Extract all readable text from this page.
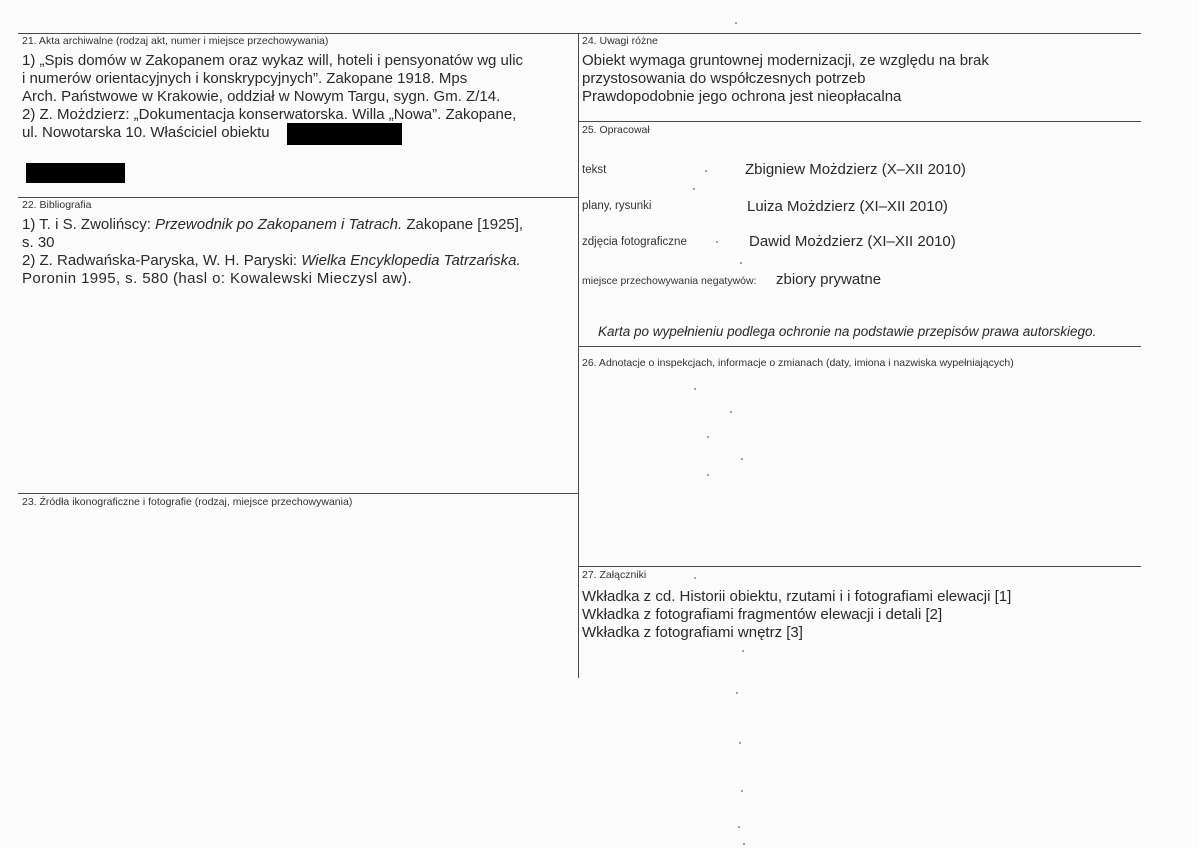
21. Akta archiwalne (rodzaj akt, numer i miejsce przechowywania)

1) „Spis domów w Zakopanem oraz wykaz will, hoteli i pensyonatów wg ulic

i numerów orientacyjnych i konskrypcyjnych”. Zakopane 1918. Mps

Arch. Państwowe w Krakowie, oddział w Nowym Targu, sygn. Gm. Z/14.

2) Z. Możdzierz: „Dokumentacja konserwatorska. Willa „Nowa”. Zakopane,

ul. Nowotarska 10. Właściciel obiektu

22. Bibliografia

1) T. i S. Zwolińscy: Przewodnik po Zakopanem i Tatrach. Zakopane [1925],

s. 30

2) Z. Radwańska-Paryska, W. H. Paryski: Wielka Encyklopedia Tatrzańska.

Poronin 1995, s. 580 (hasl o: Kowalewski Mieczysl aw).

23. Źródła ikonograficzne i fotografie (rodzaj, miejsce przechowywania)
24. Uwagi różne

Obiekt wymaga gruntownej modernizacji, ze względu na brak

przystosowania do współczesnych potrzeb

Prawdopodobnie jego ochrona jest nieopłacalna

25. Opracował
tekst	Zbigniew Możdzierz (X–XII 2010)
plany, rysunki	Luiza Możdzierz (XI–XII 2010)
zdjęcia fotograficzne	Dawid Możdzierz (XI–XII 2010)
miejsce przechowywania negatywów: zbiory prywatne
Karta po wypełnieniu podlega ochronie na podstawie przepisów prawa autorskiego.
26. Adnotacje o inspekcjach, informacje o zmianach (daty, imiona i nazwiska wypełniających)
27. Załączniki

Wkładka z cd. Historii obiektu, rzutami i i fotografiami elewacji [1]

Wkładka z fotografiami fragmentów elewacji i detali [2]

Wkładka z fotografiami wnętrz [3]
